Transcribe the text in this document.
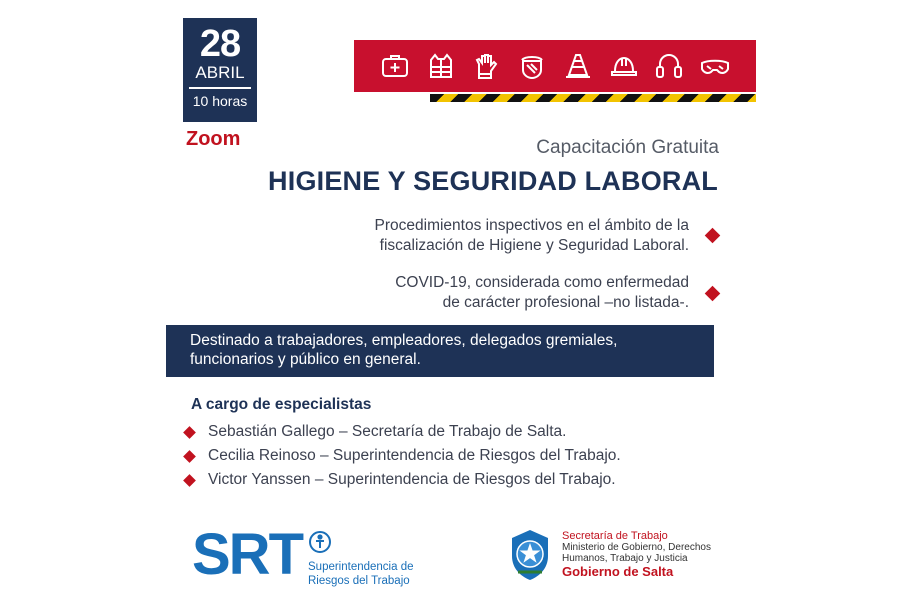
28
ABRIL
10 horas
Zoom	Capacitación Gratuita
HIGIENE Y SEGURIDAD LABORAL
Procedimientos inspectivos en el ámbito de la
fiscalización de Higiene y Seguridad Laboral.
COVID-19, considerada como enfermedad
de carácter profesional –no listada-.
Destinado a trabajadores, empleadores, delegados gremiales,
funcionarios y público en general.
A cargo de especialistas
Sebastián Gallego – Secretaría de Trabajo de Salta.
Cecilia Reinoso – Superintendencia de Riesgos del Trabajo.
Victor Yanssen – Superintendencia de Riesgos del Trabajo.
SRT Superintendencia de
Riesgos del Trabajo
Secretaría de Trabajo
Ministerio de Gobierno, Derechos
Humanos, Trabajo y Justicia
Gobierno de Salta
